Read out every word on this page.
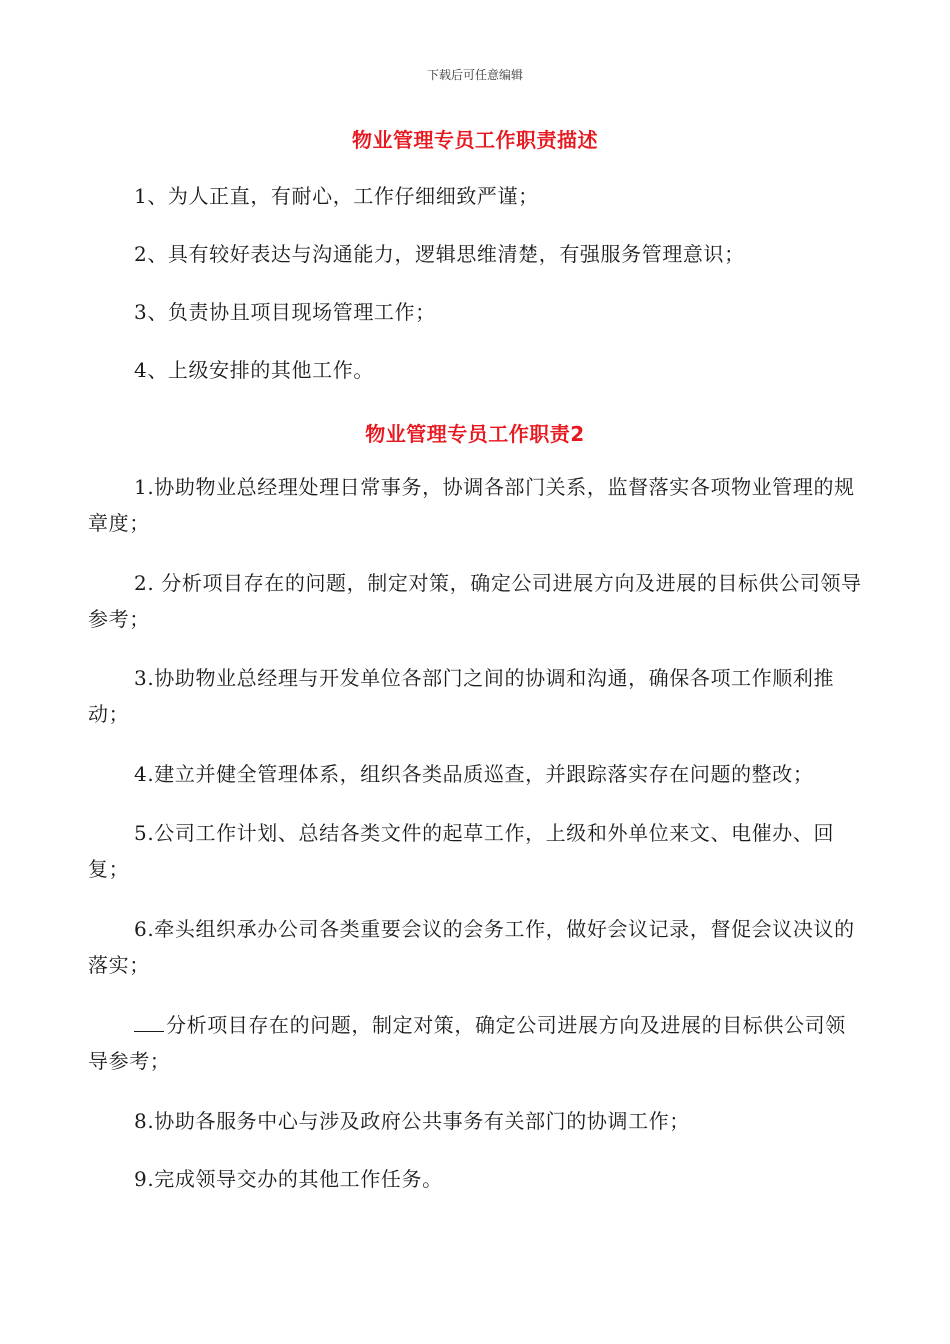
下载后可任意编辑
物业管理专员工作职责描述
1、为人正直，有耐心，工作仔细细致严谨；
2、具有较好表达与沟通能力，逻辑思维清楚，有强服务管理意识；
3、负责协且项目现场管理工作；
4、上级安排的其他工作。
物业管理专员工作职责2
1.协助物业总经理处理日常事务，协调各部门关系，监督落实各项物业管理的规章度；
2. 分析项目存在的问题，制定对策，确定公司进展方向及进展的目标供公司领导参考；
3.协助物业总经理与开发单位各部门之间的协调和沟通，确保各项工作顺利推动；
4.建立并健全管理体系，组织各类品质巡查，并跟踪落实存在问题的整改；
5.公司工作计划、总结各类文件的起草工作，上级和外单位来文、电催办、回复；
6.牵头组织承办公司各类重要会议的会务工作，做好会议记录，督促会议决议的落实；
分析项目存在的问题，制定对策，确定公司进展方向及进展的目标供公司领导参考；
8.协助各服务中心与涉及政府公共事务有关部门的协调工作；
9.完成领导交办的其他工作任务。
